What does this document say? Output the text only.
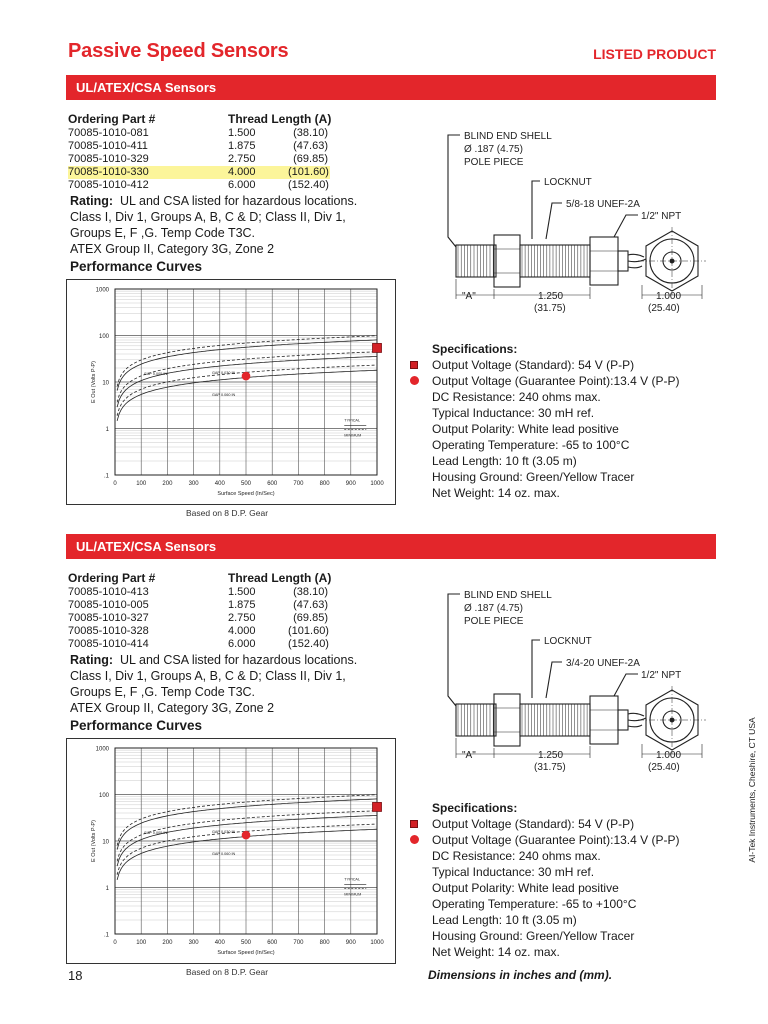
Passive Speed Sensors	LISTED PRODUCT
UL/ATEX/CSA Sensors
Ordering Part #	Thread Length (A)
70085-1010-081	1.500	(38.10)
70085-1010-411	1.875	(47.63)
70085-1010-329	2.750	(69.85)
70085-1010-330	4.000	(101.60)
70085-1010-412	6.000	(152.40)
Rating: UL and CSA listed for hazardous locations.
Class I, Div 1, Groups A, B, C & D; Class II, Div 1,
Groups E, F ,G. Temp Code T3C.
ATEX Group II, Category 3G, Zone 2
Performance Curves
1000
100
10
1
.1
0	100	200	300	400	500	600	700	800	900 1000
Surface Speed (In/Sec)
E Out (Volts P-P)	GAP 0.005 IN	GAP 0.030 IN
GAP 0.060 IN
TYPICAL
MINIMUM
Based on 8 D.P. Gear
BLIND END SHELL
Ø .187 (4.75)
POLE PIECE
LOCKNUT
5/8-18 UNEF-2A
1/2" NPT
"A"	1.250
(31.75)
1.000
(25.40)
Specifications:
Output Voltage (Standard): 54 V (P-P)
Output Voltage (Guarantee Point):13.4 V (P-P)
DC Resistance: 240 ohms max.
Typical Inductance: 30 mH ref.
Output Polarity: White lead positive
Operating Temperature: -65 to 100°C
Lead Length: 10 ft (3.05 m)
Housing Ground: Green/Yellow Tracer
Net Weight: 14 oz. max.
UL/ATEX/CSA Sensors
Ordering Part #	Thread Length (A)
70085-1010-413	1.500	(38.10)
70085-1010-005	1.875	(47.63)
70085-1010-327	2.750	(69.85)
70085-1010-328	4.000	(101.60)
70085-1010-414	6.000	(152.40)
Rating: UL and CSA listed for hazardous locations.
Class I, Div 1, Groups A, B, C & D; Class II, Div 1,
Groups E, F ,G. Temp Code T3C.
ATEX Group II, Category 3G, Zone 2
Performance Curves
1000
100
10
1
.1
0	100	200	300	400	500	600	700	800	900 1000
Surface Speed (In/Sec)
E Out (Volts P-P)	GAP 0.005 IN	GAP 0.030 IN
GAP 0.060 IN
TYPICAL
MINIMUM
Based on 8 D.P. Gear
BLIND END SHELL
Ø .187 (4.75)
POLE PIECE
LOCKNUT
3/4-20 UNEF-2A
1/2" NPT
"A"	1.250
(31.75)
1.000
(25.40)
Specifications:
Output Voltage (Standard): 54 V (P-P)
Output Voltage (Guarantee Point):13.4 V (P-P)
DC Resistance: 240 ohms max.
Typical Inductance: 30 mH ref.
Output Polarity: White lead positive
Operating Temperature: -65 to +100°C
Lead Length: 10 ft (3.05 m)
Housing Ground: Green/Yellow Tracer
Net Weight: 14 oz. max.
18	Dimensions in inches and (mm).
AI-Tek Instruments, Cheshire, CT USA
